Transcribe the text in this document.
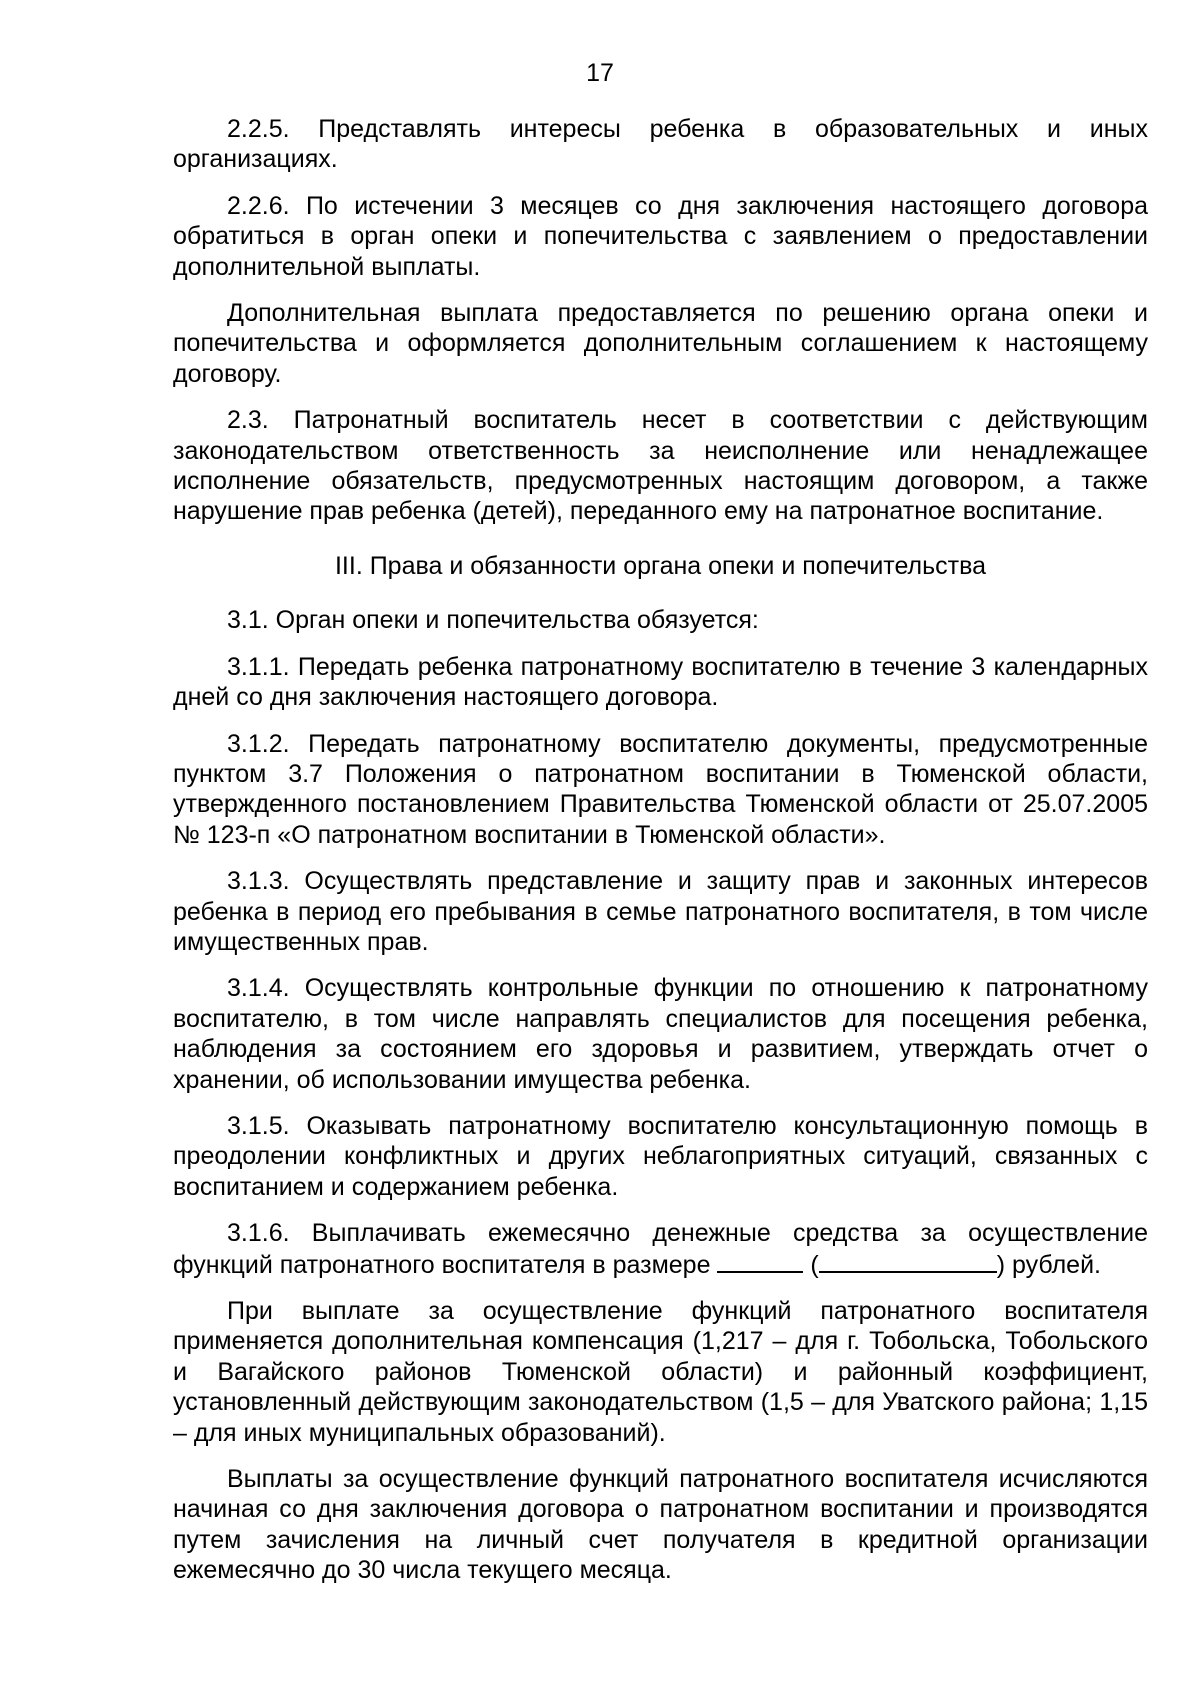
17

2.2.5. Представлять интересы ребенка в образовательных и иных организациях.

2.2.6. По истечении 3 месяцев со дня заключения настоящего договора обратиться в орган опеки и попечительства с заявлением о предоставлении дополнительной выплаты.

Дополнительная выплата предоставляется по решению органа опеки и попечительства и оформляется дополнительным соглашением к настоящему договору.

2.3. Патронатный воспитатель несет в соответствии с действующим законодательством ответственность за неисполнение или ненадлежащее исполнение обязательств, предусмотренных настоящим договором, а также нарушение прав ребенка (детей), переданного ему на патронатное воспитание.

III. Права и обязанности органа опеки и попечительства

3.1. Орган опеки и попечительства обязуется:

3.1.1. Передать ребенка патронатному воспитателю в течение 3 календарных дней со дня заключения настоящего договора.

3.1.2. Передать патронатному воспитателю документы, предусмотренные пунктом 3.7 Положения о патронатном воспитании в Тюменской области, утвержденного постановлением Правительства Тюменской области от 25.07.2005 № 123-п «О патронатном воспитании в Тюменской области».

3.1.3. Осуществлять представление и защиту прав и законных интересов ребенка в период его пребывания в семье патронатного воспитателя, в том числе имущественных прав.

3.1.4. Осуществлять контрольные функции по отношению к патронатному воспитателю, в том числе направлять специалистов для посещения ребенка, наблюдения за состоянием его здоровья и развитием, утверждать отчет о хранении, об использовании имущества ребенка.

3.1.5. Оказывать патронатному воспитателю консультационную помощь в преодолении конфликтных и других неблагоприятных ситуаций, связанных с воспитанием и содержанием ребенка.

3.1.6. Выплачивать ежемесячно денежные средства за осуществление функций патронатного воспитателя в размере	(	) рублей.

При выплате за осуществление функций патронатного воспитателя применяется дополнительная компенсация (1,217 – для г. Тобольска, Тобольского и Вагайского районов Тюменской области) и районный коэффициент, установленный действующим законодательством (1,5 – для Уватского района; 1,15 – для иных муниципальных образований).

Выплаты за осуществление функций патронатного воспитателя исчисляются начиная со дня заключения договора о патронатном воспитании и производятся путем зачисления на личный счет получателя в кредитной организации ежемесячно до 30 числа текущего месяца.
